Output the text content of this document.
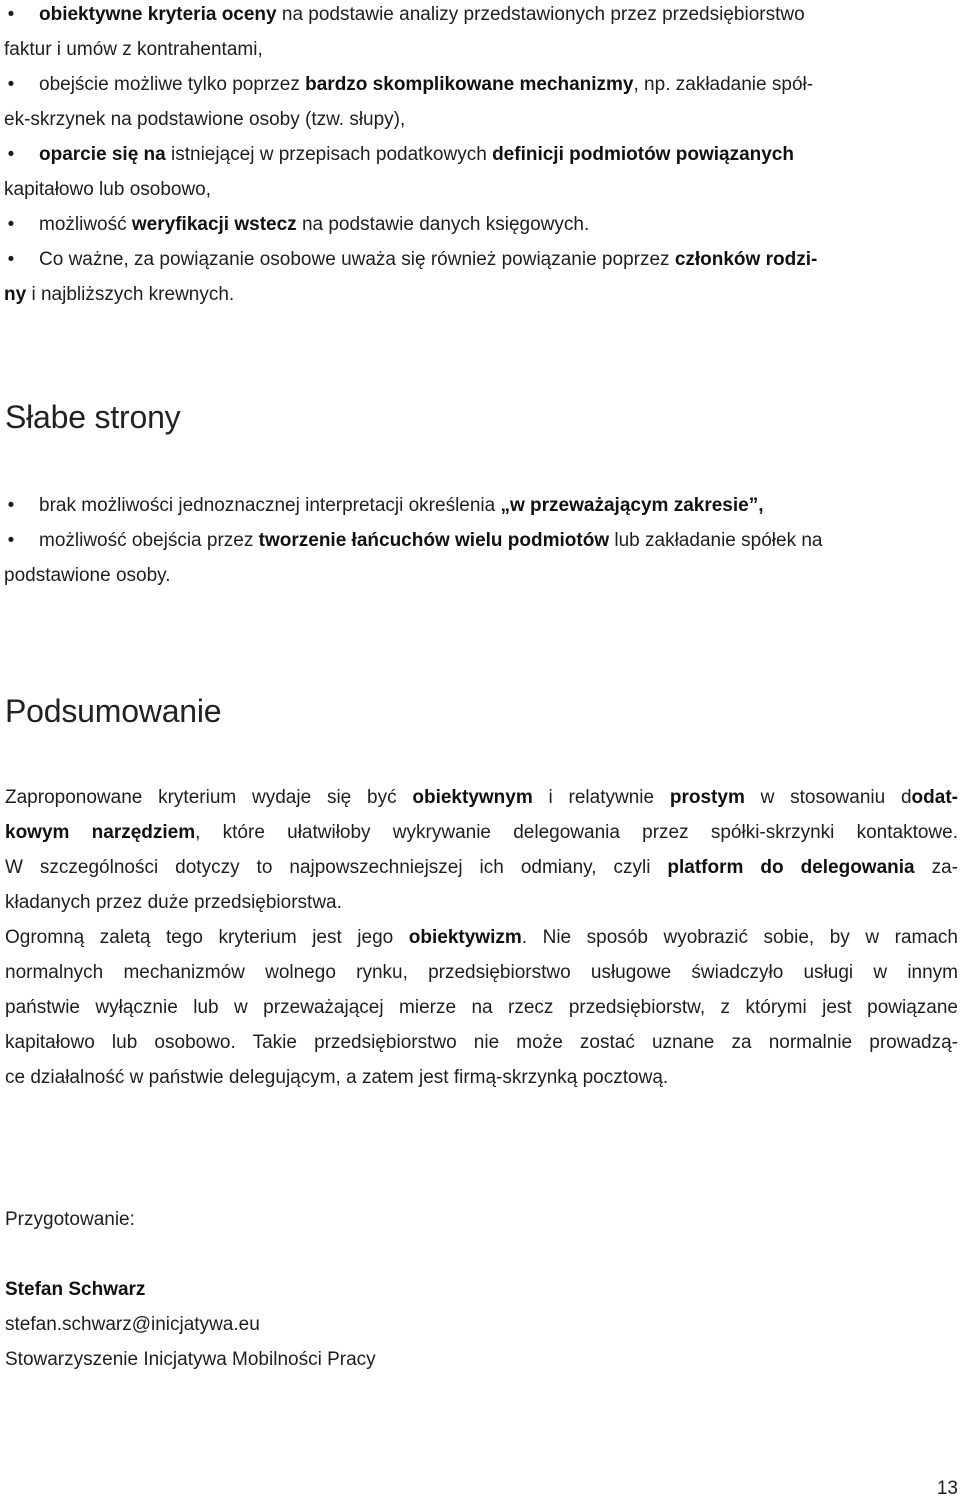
•	obiektywne kryteria oceny na podstawie analizy przedstawionych przez przedsiębiorstwo
faktur i umów z kontrahentami,
•	obejście możliwe tylko poprzez bardzo skomplikowane mechanizmy, np. zakładanie spół-
ek-skrzynek na podstawione osoby (tzw. słupy),
•	oparcie się na istniejącej w przepisach podatkowych definicji podmiotów powiązanych
kapitałowo lub osobowo,
•	możliwość weryfikacji wstecz na podstawie danych księgowych.
•	Co ważne, za powiązanie osobowe uważa się również powiązanie poprzez członków rodzi-
ny i najbliższych krewnych.
Słabe strony
•	brak możliwości jednoznacznej interpretacji określenia „w przeważającym zakresie”,
•	możliwość obejścia przez tworzenie łańcuchów wielu podmiotów lub zakładanie spółek na
podstawione osoby.
Podsumowanie
Zaproponowane kryterium wydaje się być obiektywnym i relatywnie prostym w stosowaniu dodat-
kowym narzędziem, które ułatwiłoby wykrywanie delegowania przez spółki-skrzynki kontaktowe.
W szczególności dotyczy to najpowszechniejszej ich odmiany, czyli platform do delegowania za-
kładanych przez duże przedsiębiorstwa.
Ogromną zaletą tego kryterium jest jego obiektywizm. Nie sposób wyobrazić sobie, by w ramach
normalnych mechanizmów wolnego rynku, przedsiębiorstwo usługowe świadczyło usługi w innym
państwie wyłącznie lub w przeważającej mierze na rzecz przedsiębiorstw, z którymi jest powiązane
kapitałowo lub osobowo. Takie przedsiębiorstwo nie może zostać uznane za normalnie prowadzą-
ce działalność w państwie delegującym, a zatem jest firmą-skrzynką pocztową.

Przygotowanie:

Stefan Schwarz

stefan.schwarz@inicjatywa.eu

Stowarzyszenie Inicjatywa Mobilności Pracy

13
